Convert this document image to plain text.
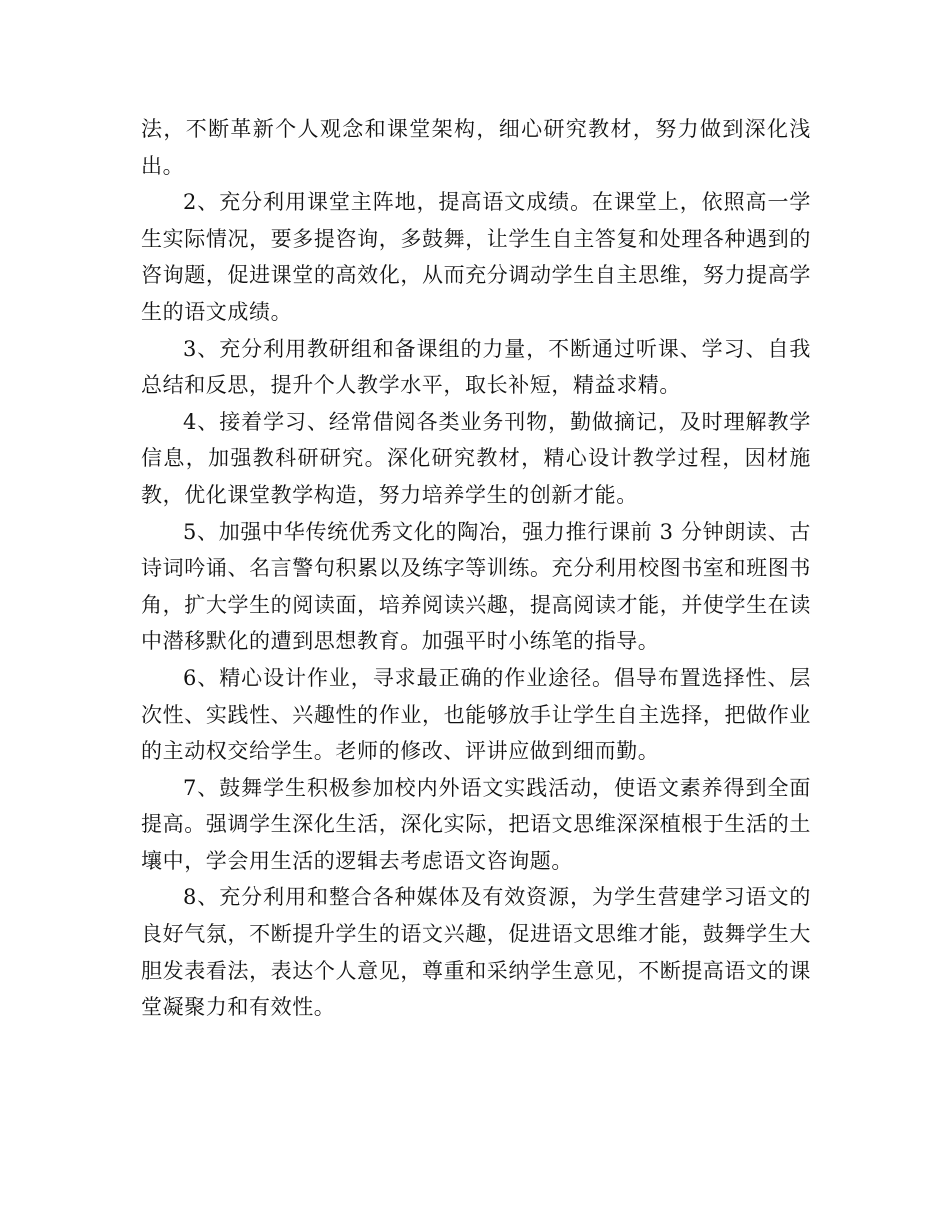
法，不断革新个人观念和课堂架构，细心研究教材，努力做到深化浅出。

2、充分利用课堂主阵地，提高语文成绩。在课堂上，依照高一学生实际情况，要多提咨询，多鼓舞，让学生自主答复和处理各种遇到的咨询题，促进课堂的高效化，从而充分调动学生自主思维，努力提高学生的语文成绩。

3、充分利用教研组和备课组的力量，不断通过听课、学习、自我总结和反思，提升个人教学水平，取长补短，精益求精。

4、接着学习、经常借阅各类业务刊物，勤做摘记，及时理解教学信息，加强教科研研究。深化研究教材，精心设计教学过程，因材施教，优化课堂教学构造，努力培养学生的创新才能。

5、加强中华传统优秀文化的陶冶，强力推行课前 3 分钟朗读、古诗词吟诵、名言警句积累以及练字等训练。充分利用校图书室和班图书角，扩大学生的阅读面，培养阅读兴趣，提高阅读才能，并使学生在读中潜移默化的遭到思想教育。加强平时小练笔的指导。

6、精心设计作业，寻求最正确的作业途径。倡导布置选择性、层次性、实践性、兴趣性的作业，也能够放手让学生自主选择，把做作业的主动权交给学生。老师的修改、评讲应做到细而勤。

7、鼓舞学生积极参加校内外语文实践活动，使语文素养得到全面提高。强调学生深化生活，深化实际，把语文思维深深植根于生活的土壤中，学会用生活的逻辑去考虑语文咨询题。

8、充分利用和整合各种媒体及有效资源，为学生营建学习语文的良好气氛，不断提升学生的语文兴趣，促进语文思维才能，鼓舞学生大胆发表看法，表达个人意见，尊重和采纳学生意见，不断提高语文的课堂凝聚力和有效性。
